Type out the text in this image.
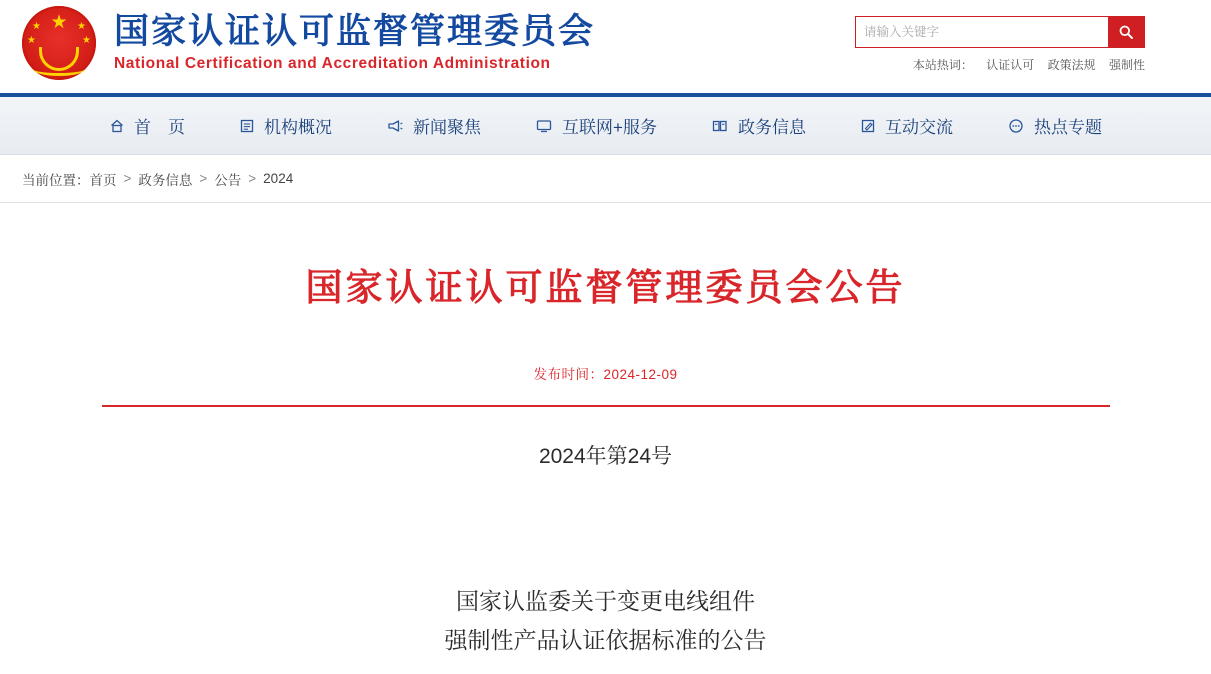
★
★
★
★
★ 国家认证认可监督管理委员会
National Certification and Accreditation Administration
请输入关键字	本站热词： 认证认可 政策法规 强制性
首　页	机构概况	新闻聚焦	互联网+服务	政务信息	互动交流	热点专题
当前位置： 首页 > 政务信息 > 公告 > 2024
国家认证认可监督管理委员会公告
发布时间：2024-12-09
2024年第24号
国家认监委关于变更电线组件
强制性产品认证依据标准的公告
